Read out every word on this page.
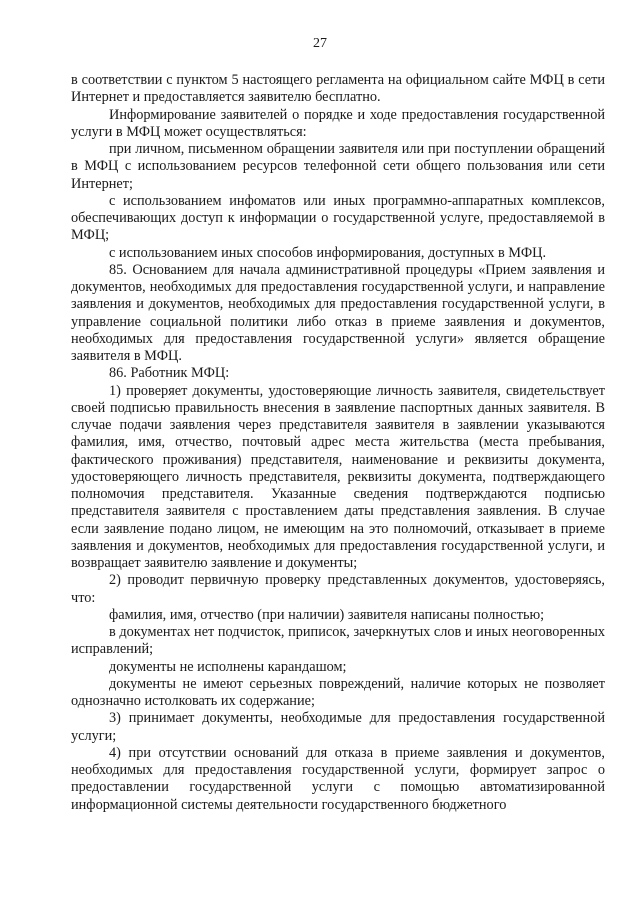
27

в соответствии с пунктом 5 настоящего регламента на официальном сайте МФЦ в сети Интернет и предоставляется заявителю бесплатно.

Информирование заявителей о порядке и ходе предоставления государственной услуги в МФЦ может осуществляться:

при личном, письменном обращении заявителя или при поступлении обращений в МФЦ с использованием ресурсов телефонной сети общего пользования или сети Интернет;

с использованием инфоматов или иных программно-аппаратных комплексов, обеспечивающих доступ к информации о государственной услуге, предоставляемой в МФЦ;

с использованием иных способов информирования, доступных в МФЦ.

85. Основанием для начала административной процедуры «Прием заявления и документов, необходимых для предоставления государственной услуги, и направление заявления и документов, необходимых для предоставления государственной услуги, в управление социальной политики либо отказ в приеме заявления и документов, необходимых для предоставления государственной услуги» является обращение заявителя в МФЦ.

86. Работник МФЦ:

1) проверяет документы, удостоверяющие личность заявителя, свидетельствует своей подписью правильность внесения в заявление паспортных данных заявителя. В случае подачи заявления через представителя заявителя в заявлении указываются фамилия, имя, отчество, почтовый адрес места жительства (места пребывания, фактического проживания) представителя, наименование и реквизиты документа, удостоверяющего личность представителя, реквизиты документа, подтверждающего полномочия представителя. Указанные сведения подтверждаются подписью представителя заявителя с проставлением даты представления заявления. В случае если заявление подано лицом, не имеющим на это полномочий, отказывает в приеме заявления и документов, необходимых для предоставления государственной услуги, и возвращает заявителю заявление и документы;

2) проводит первичную проверку представленных документов, удостоверяясь, что:

фамилия, имя, отчество (при наличии) заявителя написаны полностью;

в документах нет подчисток, приписок, зачеркнутых слов и иных неоговоренных исправлений;

документы не исполнены карандашом;

документы не имеют серьезных повреждений, наличие которых не позволяет однозначно истолковать их содержание;

3) принимает документы, необходимые для предоставления государственной услуги;

4) при отсутствии оснований для отказа в приеме заявления и документов, необходимых для предоставления государственной услуги, формирует запрос о предоставлении государственной услуги с помощью автоматизированной информационной системы деятельности государственного бюджетного
